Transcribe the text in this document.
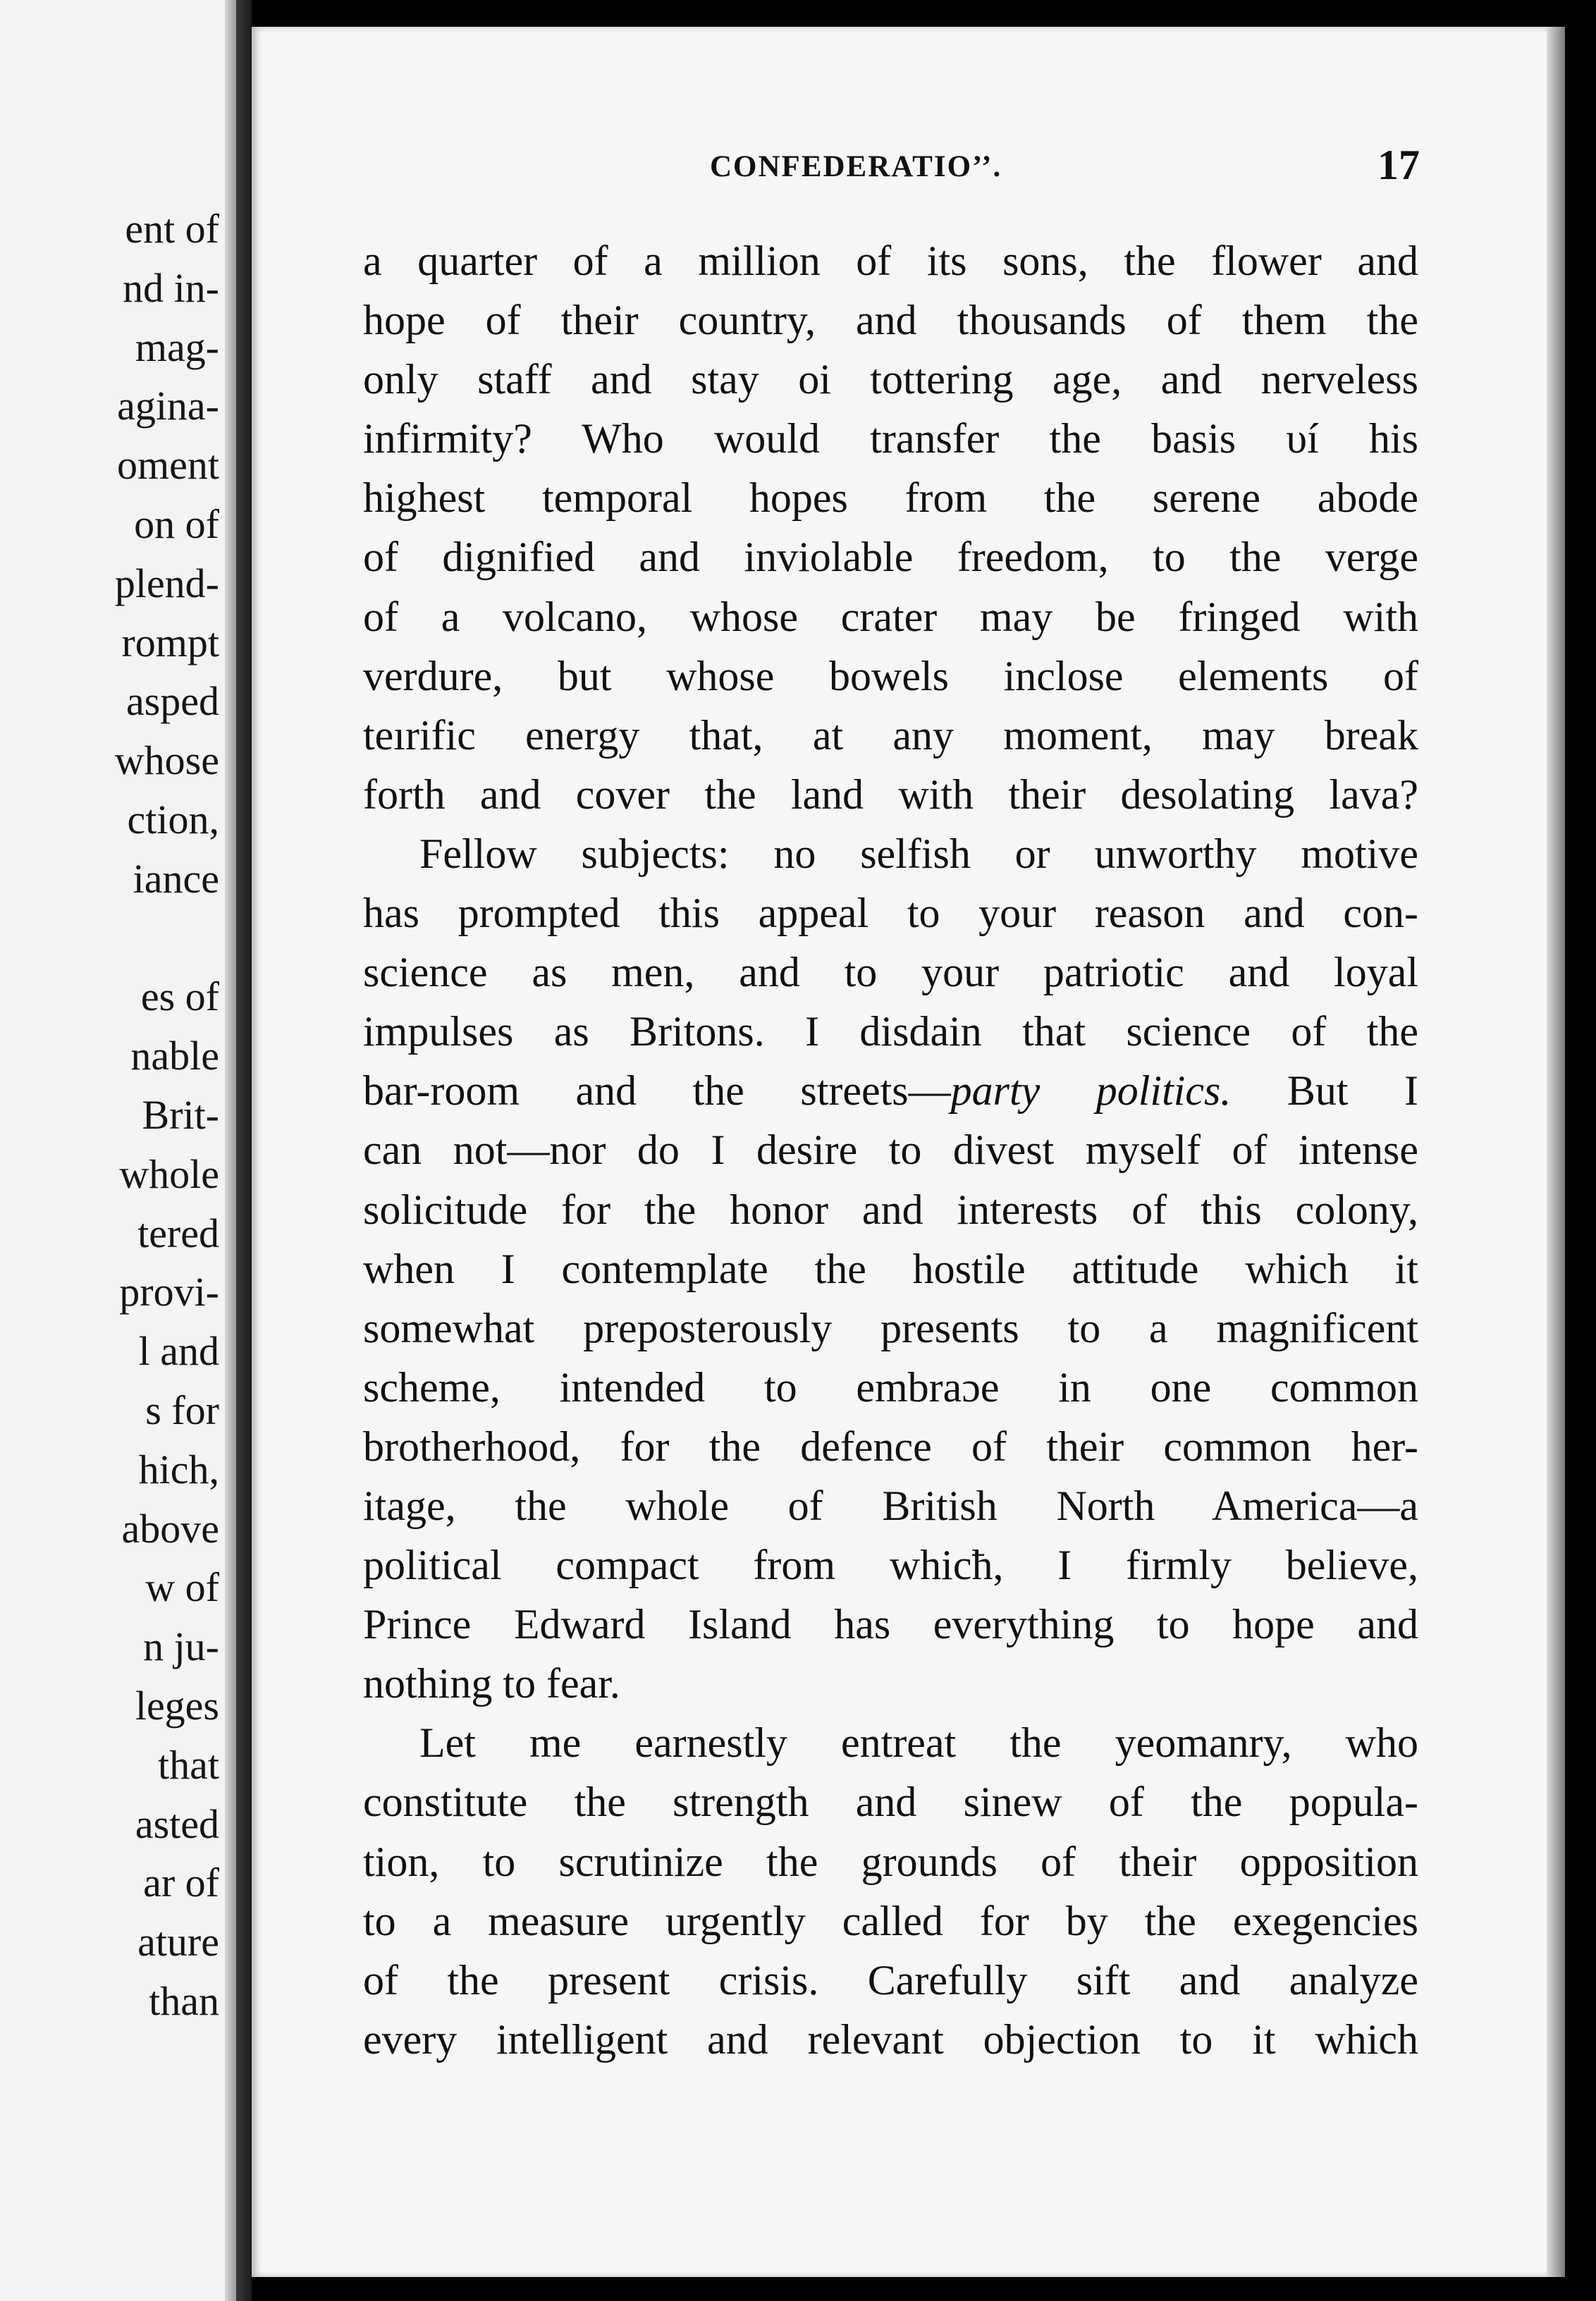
ent of
nd in-
mag-
agina-
oment
on of
plend-
rompt
asped
whose
ction,
iance
es of
nable
Brit-
whole
tered
provi-
l and
s for
hich,
above
w of
n ju-
leges
that
asted
ar of
ature
than
CONFEDERATIO’’.	17
a quarter of a million of its sons, the flower and
hope of their country, and thousands of them the
only staff and stay oi tottering age, and nerveless
infirmity? Who would transfer the basis υí his
highest temporal hopes from the serene abode
of dignified and inviolable freedom, to the verge
of a volcano, whose crater may be fringed with
verdure, but whose bowels inclose elements of
teırific energy that, at any moment, may break
forth and cover the land with their desolating lava?
Fellow subjects: no selfish or unworthy motive
has prompted this appeal to your reason and con-
science as men, and to your patriotic and loyal
impulses as Britons. I disdain that science of the
bar-room and the streets—party politics. But I
can not—nor do I desire to divest myself of intense
solicitude for the honor and interests of this colony,
when I contemplate the hostile attitude which it
somewhat preposterously presents to a magnificent
scheme, intended to embraɔe in one common
brotherhood, for the defence of their common her-
itage, the whole of British North America—a
political compact from whicħ, I firmly believe,
Prince Edward Island has everything to hope and
nothing to fear.
Let me earnestly entreat the yeomanry, who
constitute the strength and sinew of the popula-
tion, to scrutinize the grounds of their opposition
to a measure urgently called for by the exegencies
of the present crisis. Carefully sift and analyze
every intelligent and relevant objection to it which
